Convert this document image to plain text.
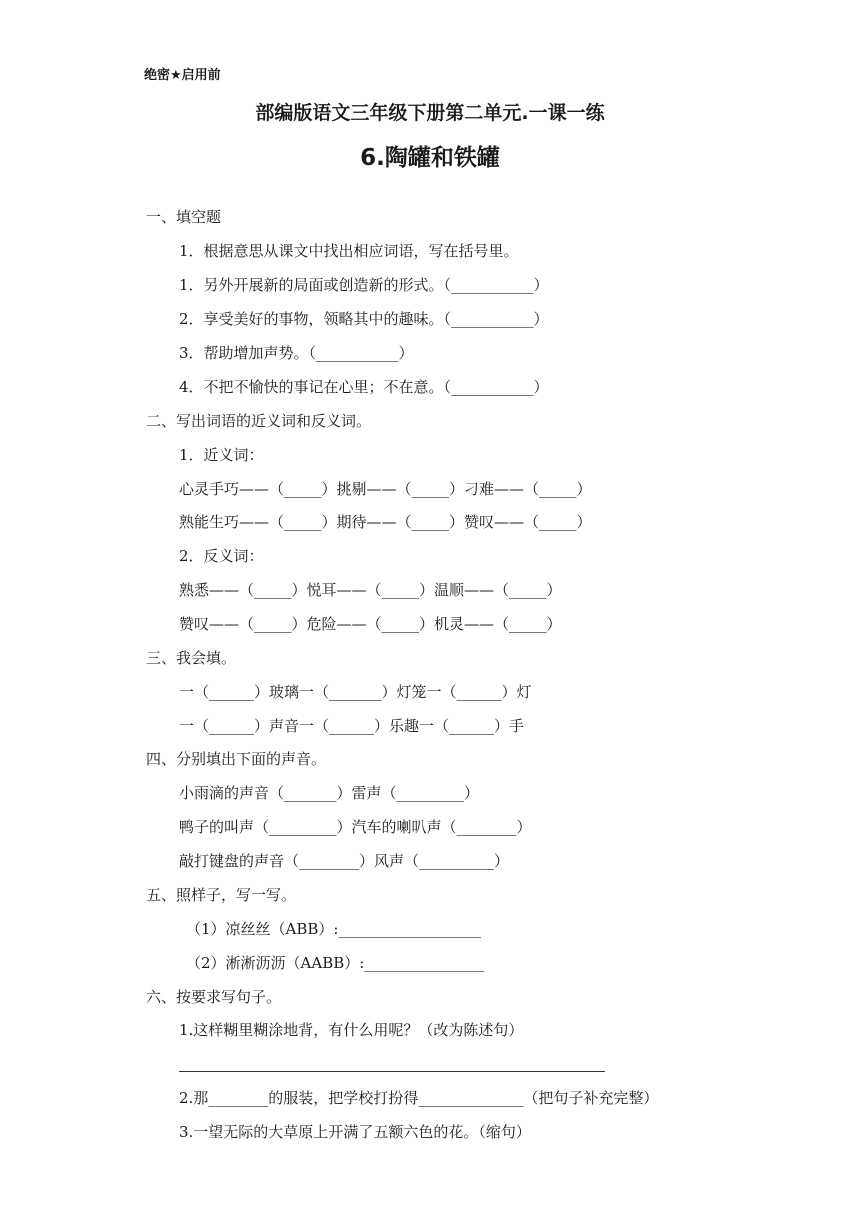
绝密★启用前
部编版语文三年级下册第二单元.一课一练
6.陶罐和铁罐
一、填空题
1．根据意思从课文中找出相应词语，写在括号里。
1．另外开展新的局面或创造新的形式。（___________）
2．享受美好的事物，领略其中的趣味。（___________）
3．帮助增加声势。（___________）
4．不把不愉快的事记在心里；不在意。（___________）
二、写出词语的近义词和反义词。
1．近义词：
心灵手巧——（_____）挑剔——（_____）刁难——（_____）
熟能生巧——（_____）期待——（_____）赞叹——（_____）
2．反义词：
熟悉——（_____）悦耳——（_____）温顺——（_____）
赞叹——（_____）危险——（_____）机灵——（_____）
三、我会填。
一（______）玻璃一（_______）灯笼一（______）灯
一（______）声音一（______）乐趣一（______）手
四、分别填出下面的声音。
小雨滴的声音（_______）雷声（_________）
鸭子的叫声（_________）汽车的喇叭声（________）
敲打键盘的声音（________）风声（__________）
五、照样子，写一写。
（1）凉丝丝（ABB）:___________________
（2）淅淅沥沥（AABB）:________________
六、按要求写句子。
1.这样糊里糊涂地背，有什么用呢？（改为陈述句）
2.那________的服装，把学校打扮得______________（把句子补充完整）
3.一望无际的大草原上开满了五额六色的花。（缩句）
